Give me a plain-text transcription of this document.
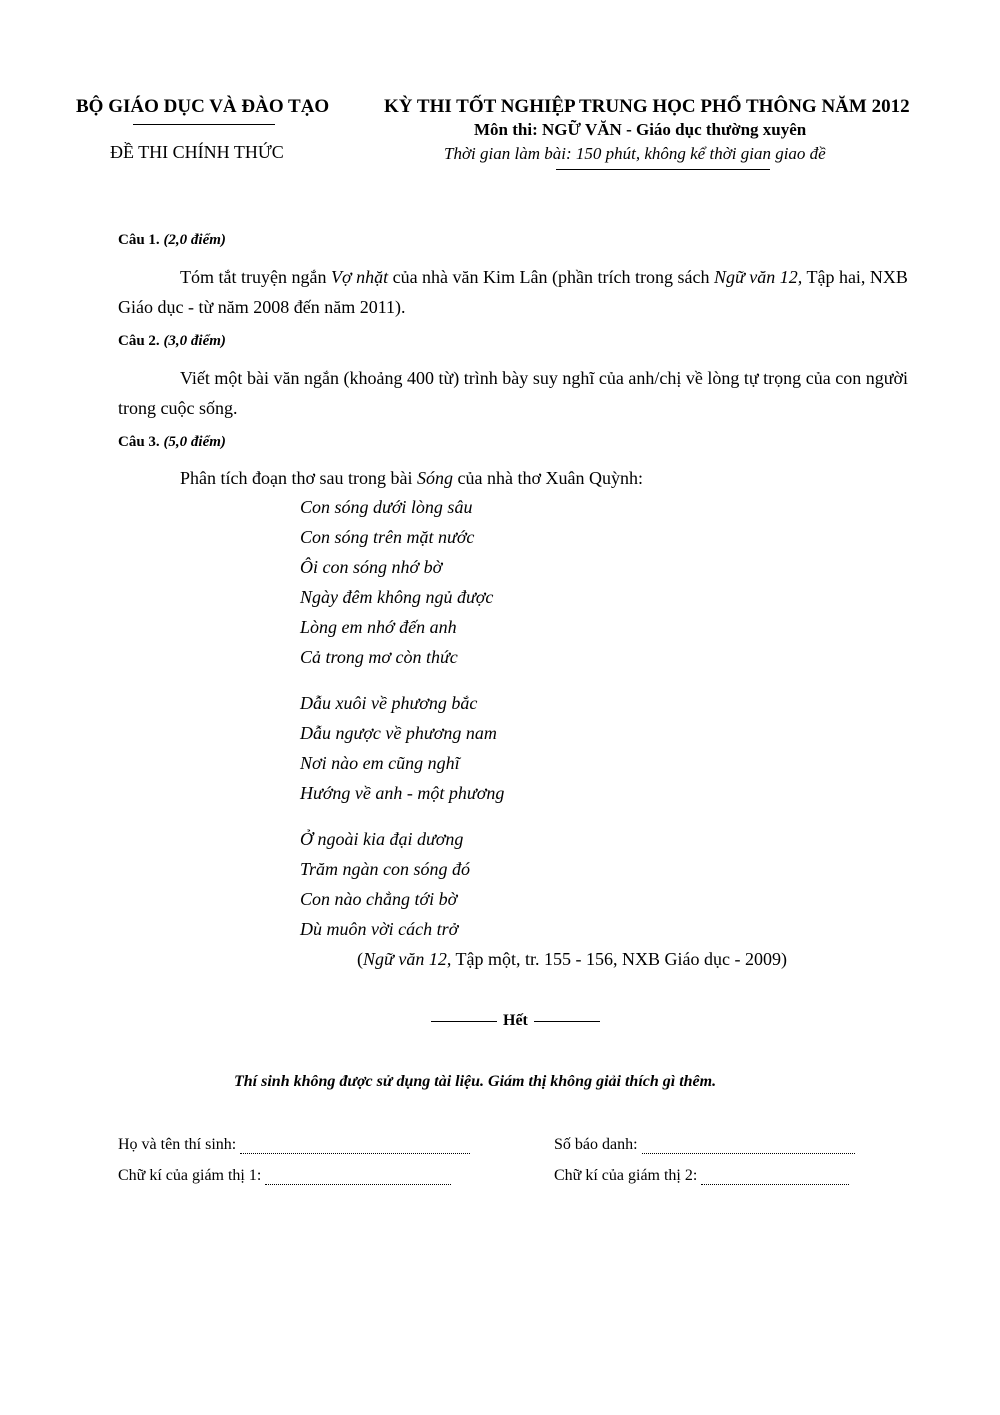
BỘ GIÁO DỤC VÀ ĐÀO TẠO
ĐỀ THI CHÍNH THỨC
KỲ THI TỐT NGHIỆP TRUNG HỌC PHỔ THÔNG NĂM 2012
Môn thi: NGỮ VĂN - Giáo dục thường xuyên
Thời gian làm bài: 150 phút, không kể thời gian giao đề
Câu 1. (2,0 điểm)
Tóm tắt truyện ngắn Vợ nhặt của nhà văn Kim Lân (phần trích trong sách Ngữ văn 12, Tập hai, NXB Giáo dục - từ năm 2008 đến năm 2011).
Câu 2. (3,0 điểm)
Viết một bài văn ngắn (khoảng 400 từ) trình bày suy nghĩ của anh/chị về lòng tự trọng của con người trong cuộc sống.
Câu 3. (5,0 điểm)
Phân tích đoạn thơ sau trong bài Sóng của nhà thơ Xuân Quỳnh:
Con sóng dưới lòng sâu
Con sóng trên mặt nước
Ôi con sóng nhớ bờ
Ngày đêm không ngủ được
Lòng em nhớ đến anh
Cả trong mơ còn thức
Dẫu xuôi về phương bắc
Dẫu ngược về phương nam
Nơi nào em cũng nghĩ
Hướng về anh - một phương
Ở ngoài kia đại dương
Trăm ngàn con sóng đó
Con nào chẳng tới bờ
Dù muôn vời cách trở
(Ngữ văn 12, Tập một, tr. 155 - 156, NXB Giáo dục - 2009)
Hết
Thí sinh không được sử dụng tài liệu. Giám thị không giải thích gì thêm.
Họ và tên thí sinh:	Số báo danh:
Chữ kí của giám thị 1:	Chữ kí của giám thị 2:
